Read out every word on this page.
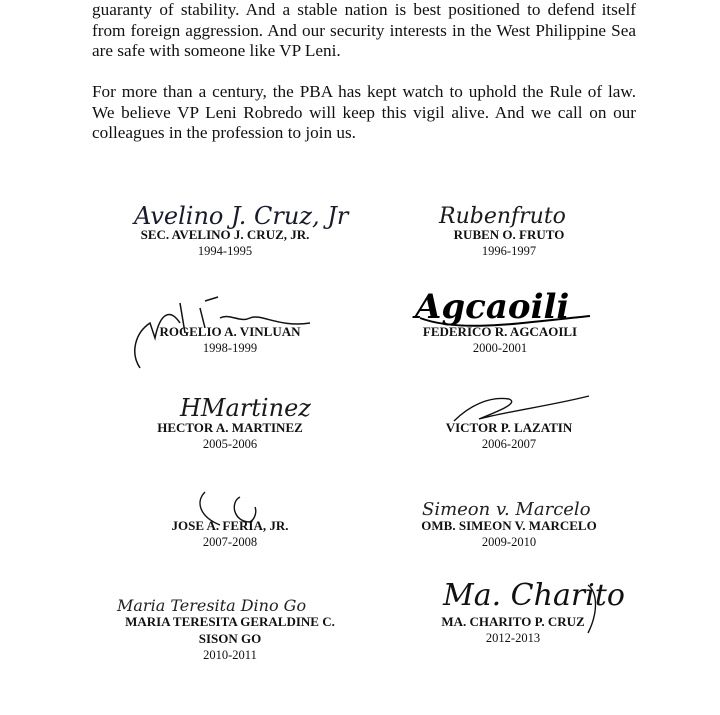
guaranty of stability. And a stable nation is best positioned to defend itself from foreign aggression. And our security interests in the West Philippine Sea are safe with someone like VP Leni.

For more than a century, the PBA has kept watch to uphold the Rule of law. We believe VP Leni Robredo will keep this vigil alive. And we call on our colleagues in the profession to join us.

Avelino J. Cruz, Jr
SEC. AVELINO J. CRUZ, JR.
1994-1995
ROGELIO A. VINLUAN
1998-1999
HMartinez
HECTOR A. MARTINEZ
2005-2006
JOSE A. FERIA, JR.
2007-2008
Maria Teresita Dino Go
MARIA TERESITA GERALDINE C.
SISON GO
2010-2011
Rubenfruto
RUBEN O. FRUTO
1996-1997
Agcaoili
FEDERICO R. AGCAOILI
2000-2001
VICTOR P. LAZATIN
2006-2007
Simeon v. Marcelo
OMB. SIMEON V. MARCELO
2009-2010
Ma. Charito
MA. CHARITO P. CRUZ
2012-2013
